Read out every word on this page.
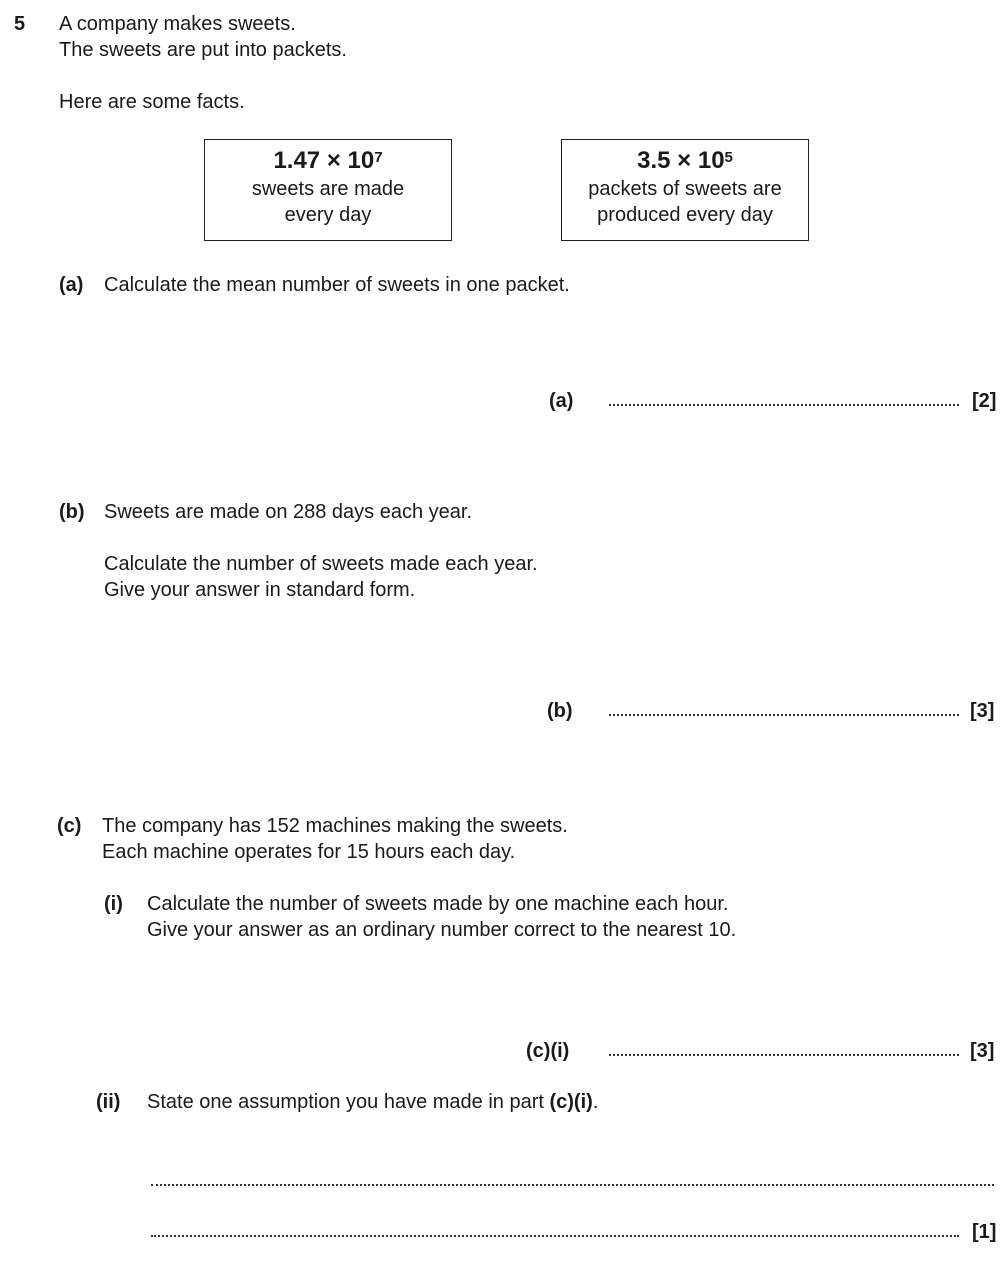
5 A company makes sweets.
The sweets are put into packets.
Here are some facts.
$1.47 \times 10^7$
sweets are made
every day
$3.5 \times 10^5$
packets of sweets are
produced every day
(a) Calculate the mean number of sweets in one packet.
(a)	[2]
(b) Sweets are made on 288 days each year.
Calculate the number of sweets made each year.
Give your answer in standard form.
(b)	[3]
(c) The company has 152 machines making the sweets.
Each machine operates for 15 hours each day.
(i) Calculate the number of sweets made by one machine each hour.
Give your answer as an ordinary number correct to the nearest 10.
(c)(i)	[3]
(ii) State one assumption you have made in part (c)(i).
[1]
